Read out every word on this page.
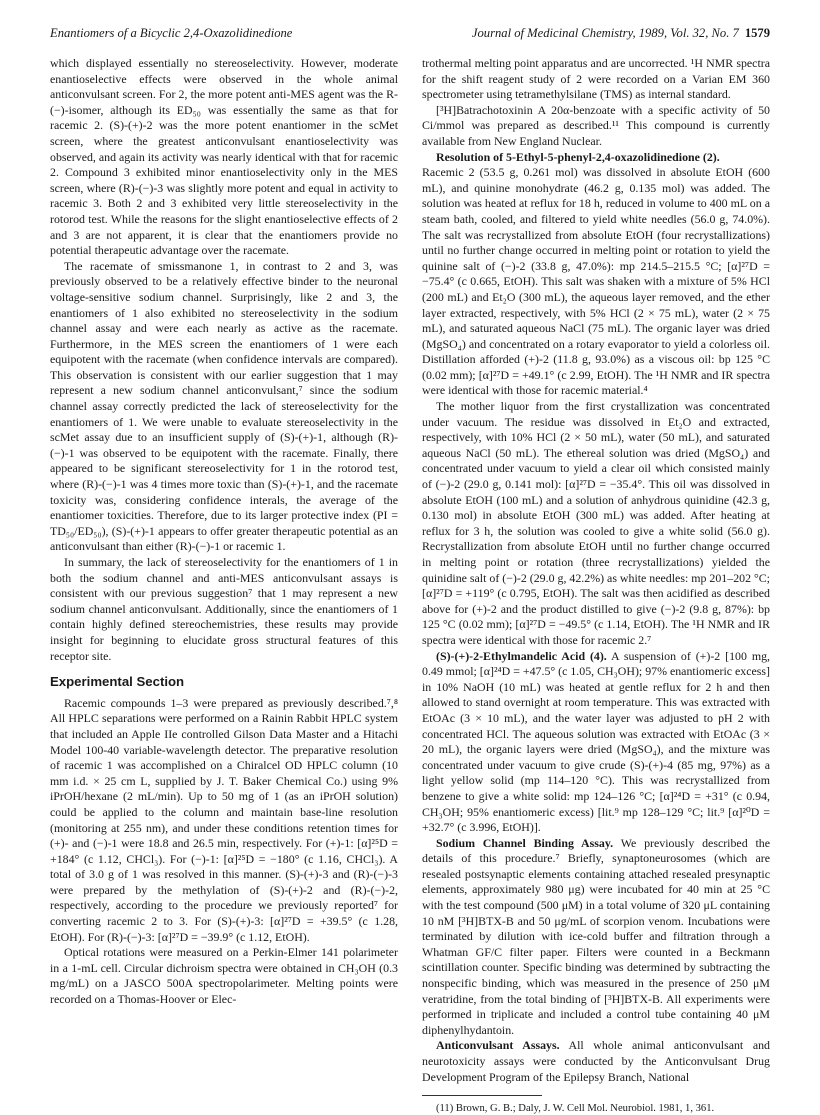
Enantiomers of a Bicyclic 2,4-Oxazolidinedione	Journal of Medicinal Chemistry, 1989, Vol. 32, No. 7 1579

which displayed essentially no stereoselectivity. However, moderate enantioselective effects were observed in the whole animal anticonvulsant screen. For 2, the more potent anti-MES agent was the R-(−)-isomer, although its ED₅₀ was essentially the same as that for racemic 2. (S)-(+)-2 was the more potent enantiomer in the scMet screen, where the greatest anticonvulsant enantioselectivity was observed, and again its activity was nearly identical with that for racemic 2. Compound 3 exhibited minor enantioselectivity only in the MES screen, where (R)-(−)-3 was slightly more potent and equal in activity to racemic 3. Both 2 and 3 exhibited very little stereoselectivity in the rotorod test. While the reasons for the slight enantioselective effects of 2 and 3 are not apparent, it is clear that the enantiomers provide no potential therapeutic advantage over the racemate.

The racemate of smissmanone 1, in contrast to 2 and 3, was previously observed to be a relatively effective binder to the neuronal voltage-sensitive sodium channel. Surprisingly, like 2 and 3, the enantiomers of 1 also exhibited no stereoselectivity in the sodium channel assay and were each nearly as active as the racemate. Furthermore, in the MES screen the enantiomers of 1 were each equipotent with the racemate (when confidence intervals are compared). This observation is consistent with our earlier suggestion that 1 may represent a new sodium channel anticonvulsant,⁷ since the sodium channel assay correctly predicted the lack of stereoselectivity for the enantiomers of 1. We were unable to evaluate stereoselectivity in the scMet assay due to an insufficient supply of (S)-(+)-1, although (R)-(−)-1 was observed to be equipotent with the racemate. Finally, there appeared to be significant stereoselectivity for 1 in the rotorod test, where (R)-(−)-1 was 4 times more toxic than (S)-(+)-1, and the racemate toxicity was, considering confidence interals, the average of the enantiomer toxicities. Therefore, due to its larger protective index (PI = TD₅₀/ED₅₀), (S)-(+)-1 appears to offer greater therapeutic potential as an anticonvulsant than either (R)-(−)-1 or racemic 1.

In summary, the lack of stereoselectivity for the enantiomers of 1 in both the sodium channel and anti-MES anticonvulsant assays is consistent with our previous suggestion⁷ that 1 may represent a new sodium channel anticonvulsant. Additionally, since the enantiomers of 1 contain highly defined stereochemistries, these results may provide insight for beginning to elucidate gross structural features of this receptor site.

Experimental Section

Racemic compounds 1–3 were prepared as previously described.⁷,⁸ All HPLC separations were performed on a Rainin Rabbit HPLC system that included an Apple IIe controlled Gilson Data Master and a Hitachi Model 100-40 variable-wavelength detector. The preparative resolution of racemic 1 was accomplished on a Chiralcel OD HPLC column (10 mm i.d. × 25 cm L, supplied by J. T. Baker Chemical Co.) using 9% iPrOH/hexane (2 mL/min). Up to 50 mg of 1 (as an iPrOH solution) could be applied to the column and maintain base-line resolution (monitoring at 255 nm), and under these conditions retention times for (+)- and (−)-1 were 18.8 and 26.5 min, respectively. For (+)-1: [α]²⁵D = +184° (c 1.12, CHCl₃). For (−)-1: [α]²⁵D = −180° (c 1.16, CHCl₃). A total of 3.0 g of 1 was resolved in this manner. (S)-(+)-3 and (R)-(−)-3 were prepared by the methylation of (S)-(+)-2 and (R)-(−)-2, respectively, according to the procedure we previously reported⁷ for converting racemic 2 to 3. For (S)-(+)-3: [α]²⁷D = +39.5° (c 1.28, EtOH). For (R)-(−)-3: [α]²⁷D = −39.9° (c 1.12, EtOH).

Optical rotations were measured on a Perkin-Elmer 141 polarimeter in a 1-mL cell. Circular dichroism spectra were obtained in CH₃OH (0.3 mg/mL) on a JASCO 500A spectropolarimeter. Melting points were recorded on a Thomas-Hoover or Elec-

trothermal melting point apparatus and are uncorrected. ¹H NMR spectra for the shift reagent study of 2 were recorded on a Varian EM 360 spectrometer using tetramethylsilane (TMS) as internal standard.

[³H]Batrachotoxinin A 20α-benzoate with a specific activity of 50 Ci/mmol was prepared as described.¹¹ This compound is currently available from New England Nuclear.

Resolution of 5-Ethyl-5-phenyl-2,4-oxazolidinedione (2).

Racemic 2 (53.5 g, 0.261 mol) was dissolved in absolute EtOH (600 mL), and quinine monohydrate (46.2 g, 0.135 mol) was added. The solution was heated at reflux for 18 h, reduced in volume to 400 mL on a steam bath, cooled, and filtered to yield white needles (56.0 g, 74.0%). The salt was recrystallized from absolute EtOH (four recrystallizations) until no further change occurred in melting point or rotation to yield the quinine salt of (−)-2 (33.8 g, 47.0%): mp 214.5–215.5 °C; [α]²⁷D = −75.4° (c 0.665, EtOH). This salt was shaken with a mixture of 5% HCl (200 mL) and Et₂O (300 mL), the aqueous layer removed, and the ether layer extracted, respectively, with 5% HCl (2 × 75 mL), water (2 × 75 mL), and saturated aqueous NaCl (75 mL). The organic layer was dried (MgSO₄) and concentrated on a rotary evaporator to yield a colorless oil. Distillation afforded (+)-2 (11.8 g, 93.0%) as a viscous oil: bp 125 °C (0.02 mm); [α]²⁷D = +49.1° (c 2.99, EtOH). The ¹H NMR and IR spectra were identical with those for racemic material.⁴

The mother liquor from the first crystallization was concentrated under vacuum. The residue was dissolved in Et₂O and extracted, respectively, with 10% HCl (2 × 50 mL), water (50 mL), and saturated aqueous NaCl (50 mL). The ethereal solution was dried (MgSO₄) and concentrated under vacuum to yield a clear oil which consisted mainly of (−)-2 (29.0 g, 0.141 mol): [α]²⁷D = −35.4°. This oil was dissolved in absolute EtOH (100 mL) and a solution of anhydrous quinidine (42.3 g, 0.130 mol) in absolute EtOH (300 mL) was added. After heating at reflux for 3 h, the solution was cooled to give a white solid (56.0 g). Recrystallization from absolute EtOH until no further change occurred in melting point or rotation (three recrystallizations) yielded the quinidine salt of (−)-2 (29.0 g, 42.2%) as white needles: mp 201–202 °C; [α]²⁷D = +119° (c 0.795, EtOH). The salt was then acidified as described above for (+)-2 and the product distilled to give (−)-2 (9.8 g, 87%): bp 125 °C (0.02 mm); [α]²⁷D = −49.5° (c 1.14, EtOH). The ¹H NMR and IR spectra were identical with those for racemic 2.⁷

(S)-(+)-2-Ethylmandelic Acid (4). A suspension of (+)-2 [100 mg, 0.49 mmol; [α]²⁴D = +47.5° (c 1.05, CH₃OH); 97% enantiomeric excess] in 10% NaOH (10 mL) was heated at gentle reflux for 2 h and then allowed to stand overnight at room temperature. This was extracted with EtOAc (3 × 10 mL), and the water layer was adjusted to pH 2 with concentrated HCl. The aqueous solution was extracted with EtOAc (3 × 20 mL), the organic layers were dried (MgSO₄), and the mixture was concentrated under vacuum to give crude (S)-(+)-4 (85 mg, 97%) as a light yellow solid (mp 114–120 °C). This was recrystallized from benzene to give a white solid: mp 124–126 °C; [α]²⁴D = +31° (c 0.94, CH₃OH; 95% enantiomeric excess) [lit.⁹ mp 128–129 °C; lit.⁹ [α]²⁰D = +32.7° (c 3.996, EtOH)].

Sodium Channel Binding Assay. We previously described the details of this procedure.⁷ Briefly, synaptoneurosomes (which are resealed postsynaptic elements containing attached resealed presynaptic elements, approximately 980 μg) were incubated for 40 min at 25 °C with the test compound (500 μM) in a total volume of 320 μL containing 10 nM [³H]BTX-B and 50 μg/mL of scorpion venom. Incubations were terminated by dilution with ice-cold buffer and filtration through a Whatman GF/C filter paper. Filters were counted in a Beckmann scintillation counter. Specific binding was determined by subtracting the nonspecific binding, which was measured in the presence of 250 μM veratridine, from the total binding of [³H]BTX-B. All experiments were performed in triplicate and included a control tube containing 40 μM diphenylhydantoin.

Anticonvulsant Assays. All whole animal anticonvulsant and neurotoxicity assays were conducted by the Anticonvulsant Drug Development Program of the Epilepsy Branch, National

(11) Brown, G. B.; Daly, J. W. Cell Mol. Neurobiol. 1981, 1, 361.
